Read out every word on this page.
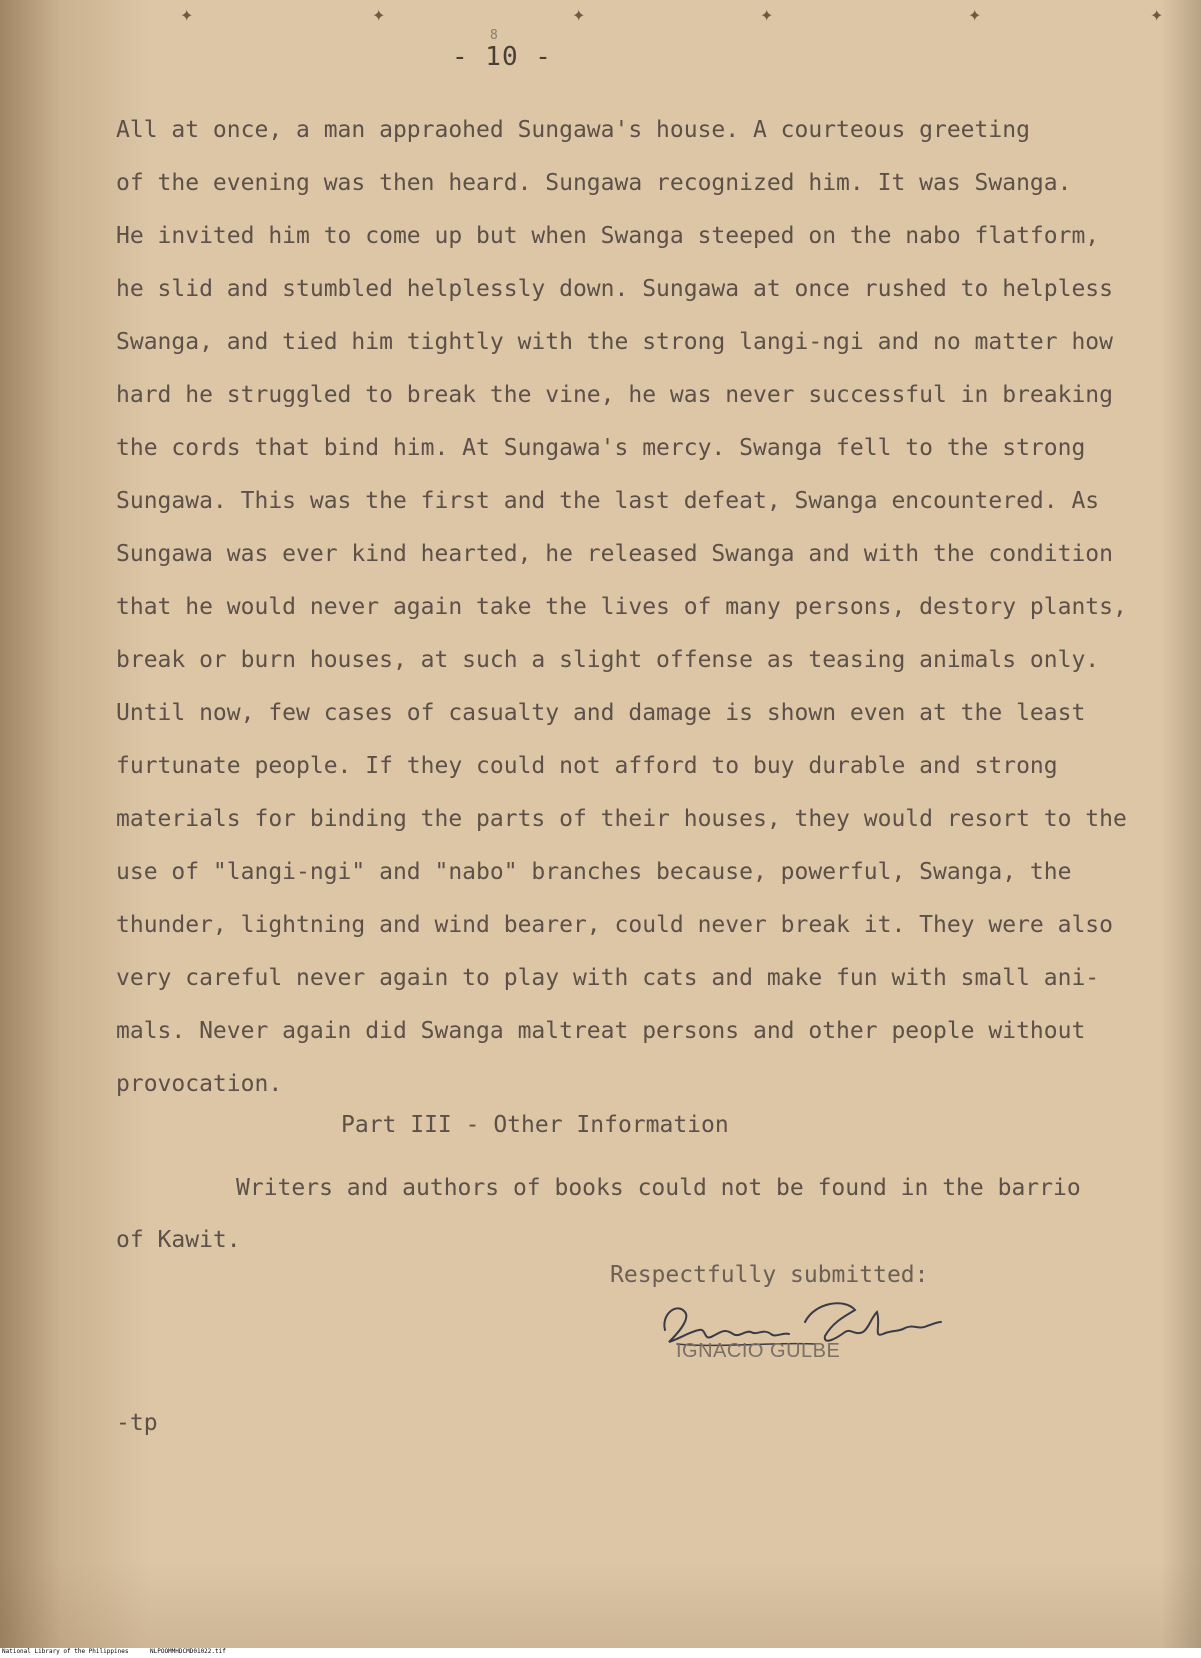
✦	✦	✦	✦	✦	✦
8
- 10 -
All at once, a man appraohed Sungawa's house. A courteous greeting
of the evening was then heard. Sungawa recognized him. It was Swanga.
He invited him to come up but when Swanga steeped on the nabo flatform,
he slid and stumbled helplessly down. Sungawa at once rushed to helpless
Swanga, and tied him tightly with the strong langi-ngi and no matter how
hard he struggled to break the vine, he was never successful in breaking
the cords that bind him. At Sungawa's mercy. Swanga fell to the strong
Sungawa. This was the first and the last defeat, Swanga encountered. As
Sungawa was ever kind hearted, he released Swanga and with the condition
that he would never again take the lives of many persons, destory plants,
break or burn houses, at such a slight offense as teasing animals only.
Until now, few cases of casualty and damage is shown even at the least
furtunate people. If they could not afford to buy durable and strong
materials for binding the parts of their houses, they would resort to the
use of "langi-ngi" and "nabo" branches because, powerful, Swanga, the
thunder, lightning and wind bearer, could never break it. They were also
very careful never again to play with cats and make fun with small ani-
mals. Never again did Swanga maltreat persons and other people without
provocation.
Part III - Other Information
Writers and authors of books could not be found in the barrio
of Kawit.
Respectfully submitted:
IGNACIO GULBE
-tp
National Library of the Philippines	NLPOOMMHDCMD01022.tif
